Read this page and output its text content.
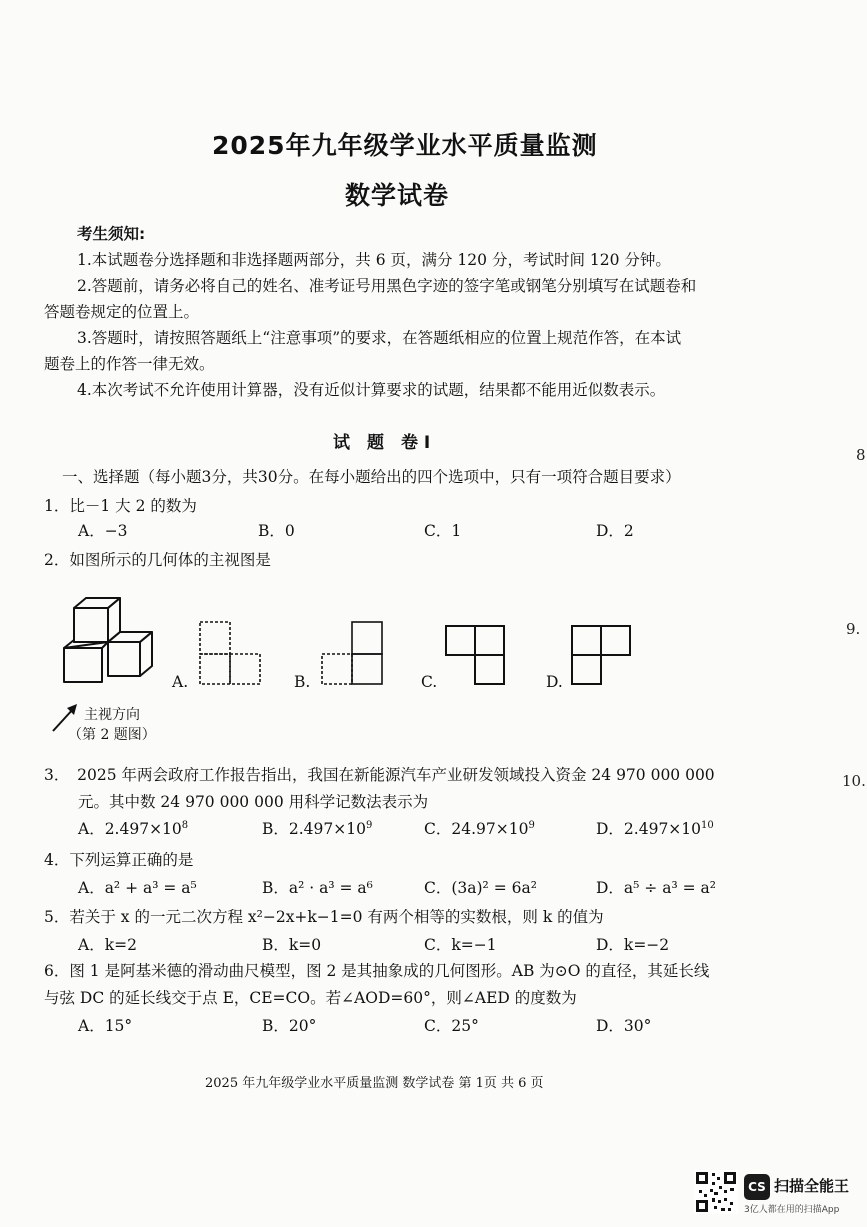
2025年九年级学业水平质量监测
数学试卷
考生须知:
1.本试题卷分选择题和非选择题两部分，共 6 页，满分 120 分，考试时间 120 分钟。
2.答题前，请务必将自己的姓名、准考证号用黑色字迹的签字笔或钢笔分别填写在试题卷和
答题卷规定的位置上。
3.答题时，请按照答题纸上“注意事项”的要求，在答题纸相应的位置上规范作答，在本试
题卷上的作答一律无效。
4.本次考试不允许使用计算器，没有近似计算要求的试题，结果都不能用近似数表示。
试　题　卷 I
一、选择题（每小题3分，共30分。在每小题给出的四个选项中，只有一项符合题目要求）
1．比－1 大 2 的数为
A．−3	B．0	C．1	D．2
2．如图所示的几何体的主视图是
A.	B.	C.	D.
主视方向
（第 2 题图）
3．　2025 年两会政府工作报告指出，我国在新能源汽车产业研发领域投入资金 24 970 000 000
元。其中数 24 970 000 000 用科学记数法表示为
A．$2.497\times 10^8$	B．$2.497\times 10^9$	C．$24.97\times 10^9$	D．$2.497\times 10^{10}$
4．下列运算正确的是
A．a² + a³ = a⁵	B．a² · a³ = a⁶	C．(3a)² = 6a²	D．a⁵ ÷ a³ = a²
5．若关于 x 的一元二次方程 x²−2x+k−1=0 有两个相等的实数根，则 k 的值为
A．k=2	B．k=0	C．k=−1	D．k=−2
6．图 1 是阿基米德的滑动曲尺模型，图 2 是其抽象成的几何图形。AB 为⊙O 的直径，其延长线
与弦 DC 的延长线交于点 E，CE=CO。若∠AOD=60°，则∠AED 的度数为
A．15°	B．20°	C．25°	D．30°
2025 年九年级学业水平质量监测 数学试卷 第 1页 共 6 页
8
9.
10.
CS 扫描全能王
3亿人都在用的扫描App
